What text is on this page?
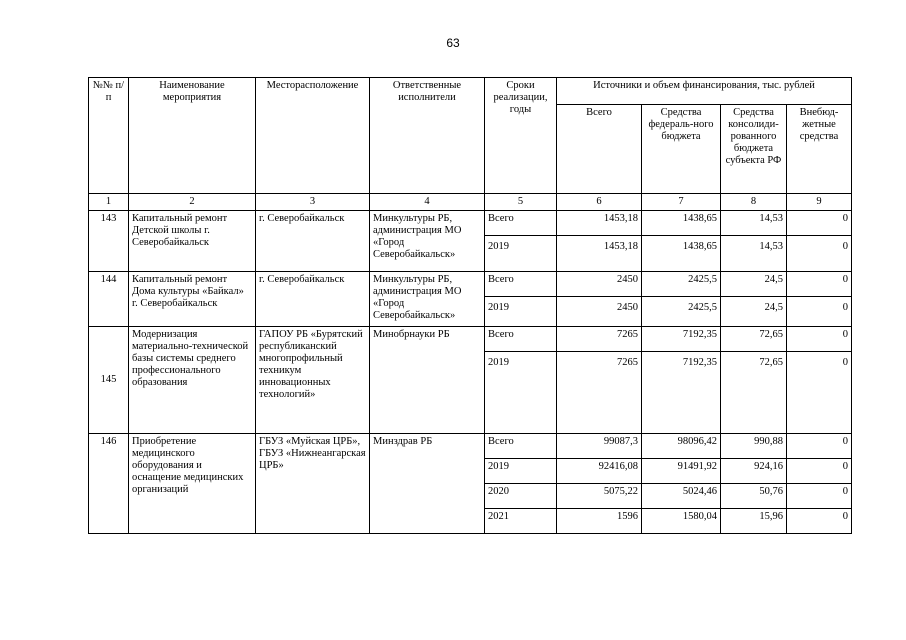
63
№№ п/п	Наименование мероприятия	Месторасположение	Ответственные исполнители	Сроки реализации, годы	Источники и объем финансирования, тыс. рублей			
					Всего	Средства федераль-ного бюджета	Средства консолиди-рованного бюджета субъекта РФ	Внебюд-жетные средства
1	2	3	4	5	6	7	8	9
143	Капитальный ремонт Детской школы г. Северобайкальск	г. Северобайкальск	Минкультуры РБ, администрация МО «Город Северобайкальск»	Всего	1453,18	1438,65	14,53	0
				2019	1453,18	1438,65	14,53	0
144	Капитальный ремонт Дома культуры «Байкал» г. Северобайкальск	г. Северобайкальск	Минкультуры РБ, администрация МО «Город Северобайкальск»	Всего	2450	2425,5	24,5	0
				2019	2450	2425,5	24,5	0
145	Модернизация материально-технической базы системы среднего профессионального образования	ГАПОУ РБ «Бурятский республиканский многопрофильный техникум инновационных технологий»	Минобрнауки РБ	Всего	7265	7192,35	72,65	0
				2019	7265	7192,35	72,65	0
146	Приобретение медицинского оборудования и оснащение медицинских организаций	ГБУЗ «Муйская ЦРБ», ГБУЗ «Нижнеангарская ЦРБ»	Минздрав РБ	Всего	99087,3	98096,42	990,88	0
				2019	92416,08	91491,92	924,16	0
				2020	5075,22	5024,46	50,76	0
				2021	1596	1580,04	15,96	0
